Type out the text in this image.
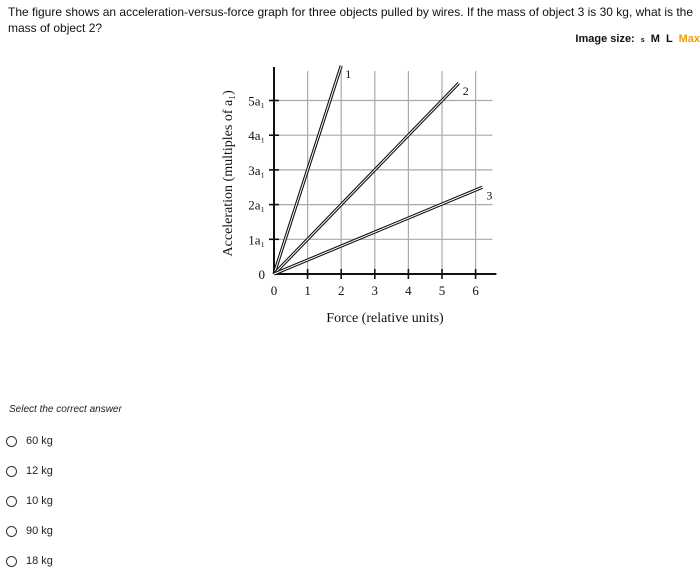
The figure shows an acceleration-versus-force graph for three objects pulled by wires. If the mass of object 3 is 30 kg, what is the mass of object 2?
Image size: s M L Max
0 1 2 3 4 5 6
0
1a₁
2a₁
3a₁
4a₁
5a₁
Force (relative units)
Acceleration (multiples of a₁)
1
2
3
Select the correct answer
60 kg
12 kg
10 kg
90 kg
18 kg
